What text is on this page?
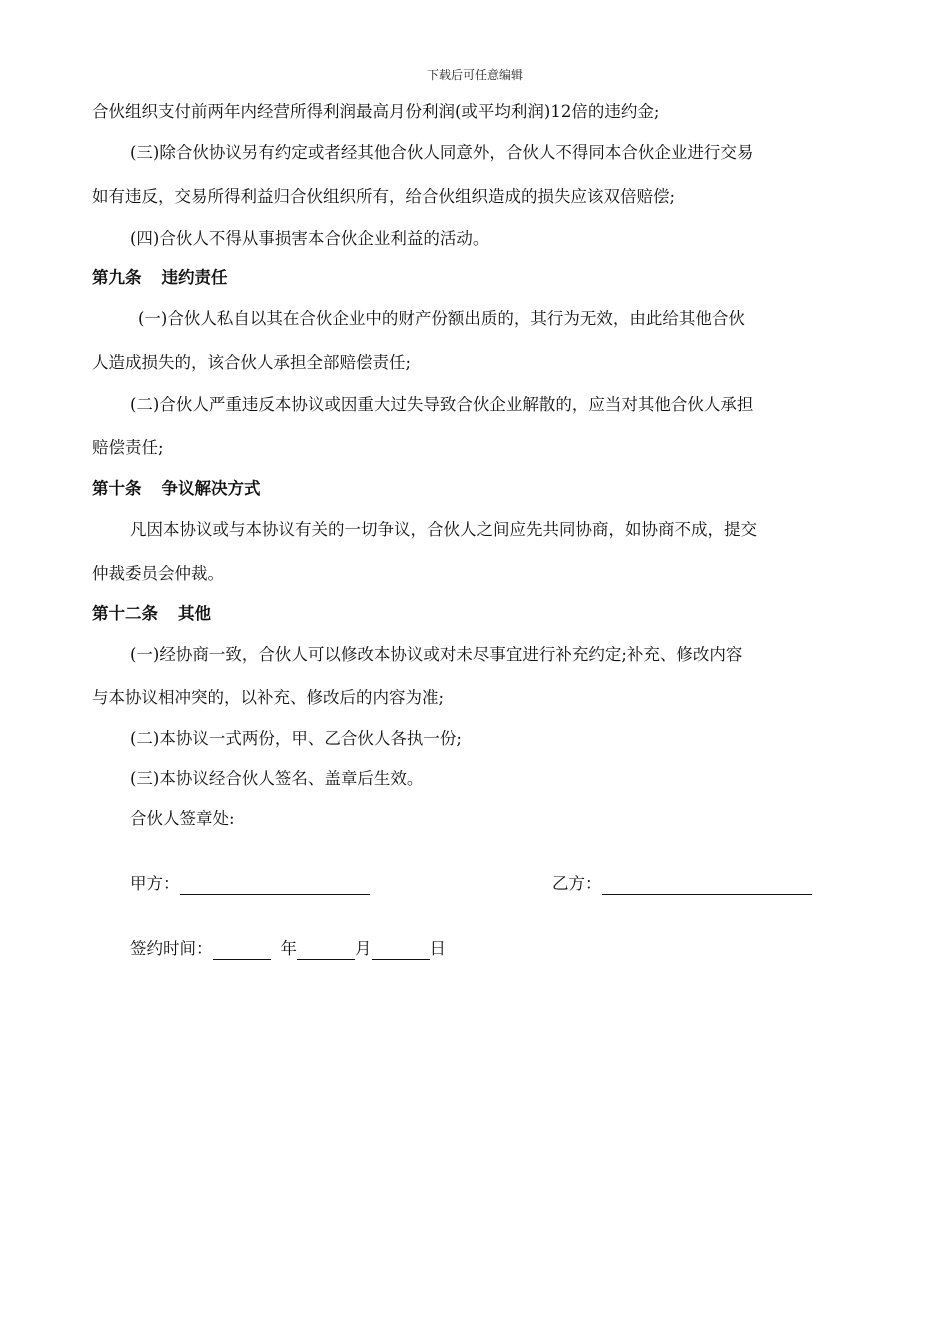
下载后可任意编辑
合伙组织支付前两年内经营所得利润最高月份利润(或平均利润)12倍的违约金;
(三)除合伙协议另有约定或者经其他合伙人同意外，合伙人不得同本合伙企业进行交易
如有违反，交易所得利益归合伙组织所有，给合伙组织造成的损失应该双倍赔偿;
(四)合伙人不得从事损害本合伙企业利益的活动。
第九条 违约责任
(一)合伙人私自以其在合伙企业中的财产份额出质的，其行为无效，由此给其他合伙
人造成损失的，该合伙人承担全部赔偿责任;
(二)合伙人严重违反本协议或因重大过失导致合伙企业解散的，应当对其他合伙人承担
赔偿责任;
第十条 争议解决方式
凡因本协议或与本协议有关的一切争议，合伙人之间应先共同协商，如协商不成，提交
仲裁委员会仲裁。
第十二条 其他
(一)经协商一致，合伙人可以修改本协议或对未尽事宜进行补充约定;补充、修改内容
与本协议相冲突的，以补充、修改后的内容为准;
(二)本协议一式两份，甲、乙合伙人各执一份;
(三)本协议经合伙人签名、盖章后生效。
合伙人签章处:
甲方：	乙方：
签约时间：	年	月	日
